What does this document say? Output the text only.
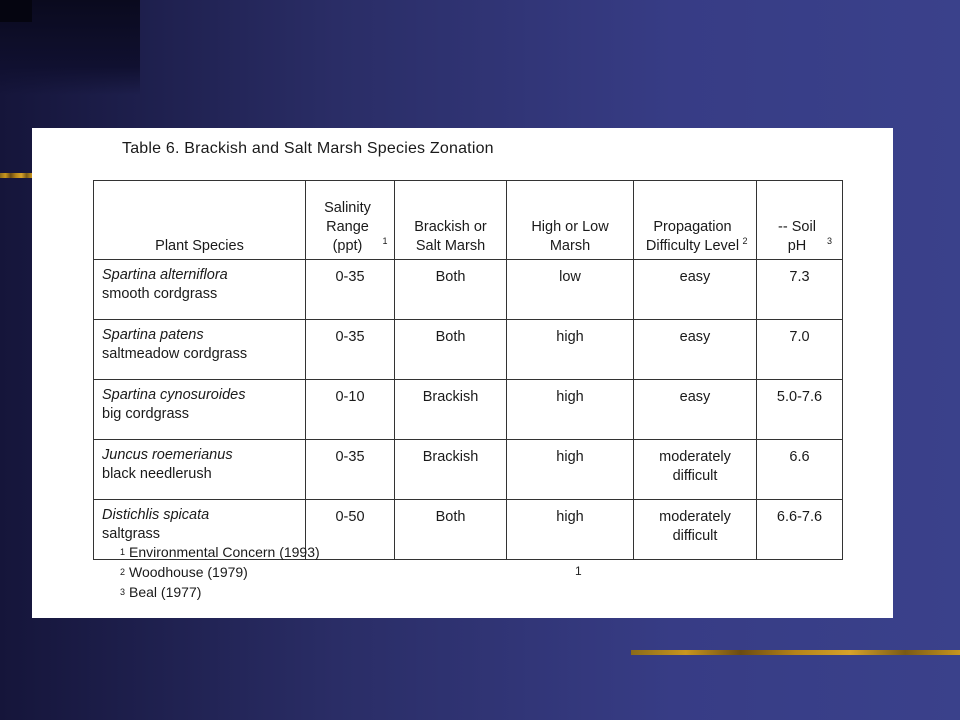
Table 6. Brackish and Salt Marsh Species Zonation
Plant Species	Salinity Range (ppt) $^1$	Brackish or Salt Marsh	High or Low Marsh	Propagation Difficulty Level $^2$	-- Soil pH $^3$

Spartina alterniflora
smooth cordgrass	0-35	Both	low	easy	7.3

Spartina patens
saltmeadow cordgrass	0-35	Both	high	easy	7.0

Spartina cynosuroides
big cordgrass	0-10	Brackish	high	easy	5.0-7.6

Juncus roemerianus
black needlerush	0-35	Brackish	high	moderately difficult	6.6

Distichlis spicata
saltgrass	0-50	Both	high	moderately difficult	6.6-7.6
$^1$ Environmental Concern (1993)
$^2$ Woodhouse (1979)
$^3$ Beal (1977)
1
